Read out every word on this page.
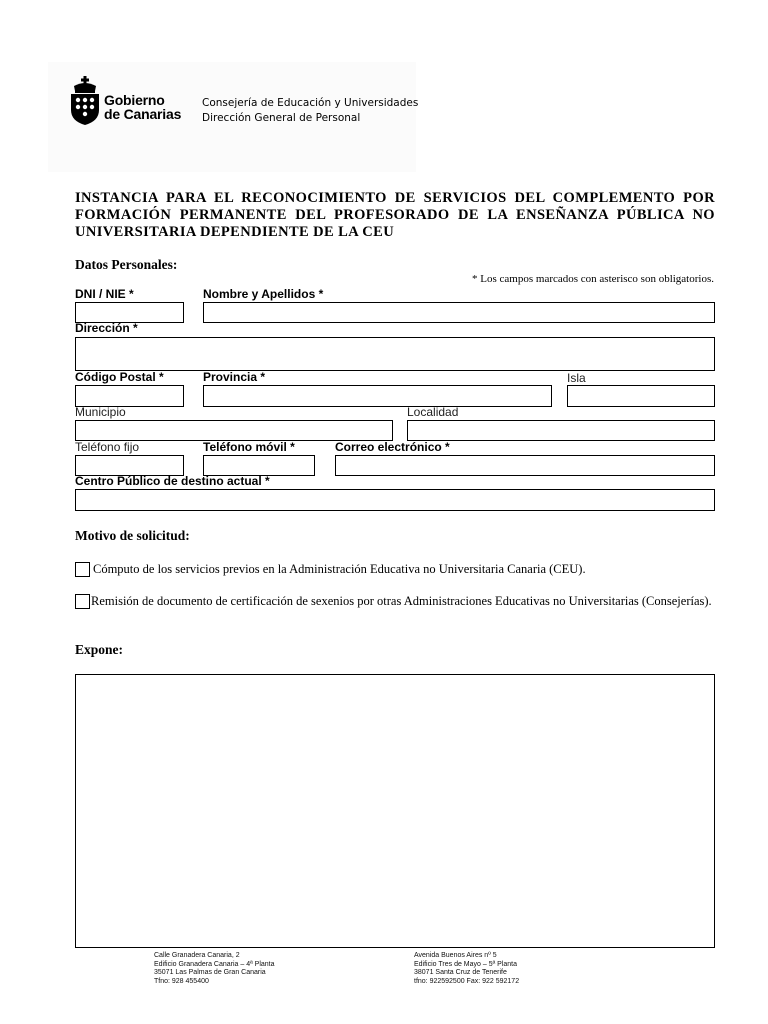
Gobierno
de Canarias
Consejería de Educación y Universidades
Dirección General de Personal
INSTANCIA PARA EL RECONOCIMIENTO DE SERVICIOS DEL COMPLEMENTO POR FORMACIÓN PERMANENTE DEL PROFESORADO DE LA ENSEÑANZA PÚBLICA NO UNIVERSITARIA DEPENDIENTE DE LA CEU
Datos Personales:
* Los campos marcados con asterisco son obligatorios.
DNI / NIE *	Nombre y Apellidos *
Dirección *
Código Postal *	Provincia *	Isla
Municipio	Localidad
Teléfono fijo	Teléfono móvil *	Correo electrónico *
Centro Público de destino actual *
Motivo de solicitud:
Cómputo de los servicios previos en la Administración Educativa no Universitaria Canaria (CEU).
Remisión de documento de certificación de sexenios por otras Administraciones Educativas no Universitarias (Consejerías).
Expone:
Calle Granadera Canaria, 2
Edificio Granadera Canaria – 4ª Planta
35071 Las Palmas de Gran Canaria
Tfno: 928 455400
Avenida Buenos Aires nº 5
Edificio Tres de Mayo – 5ª Planta
38071 Santa Cruz de Tenerife
tfno: 922592500 Fax: 922 592172
